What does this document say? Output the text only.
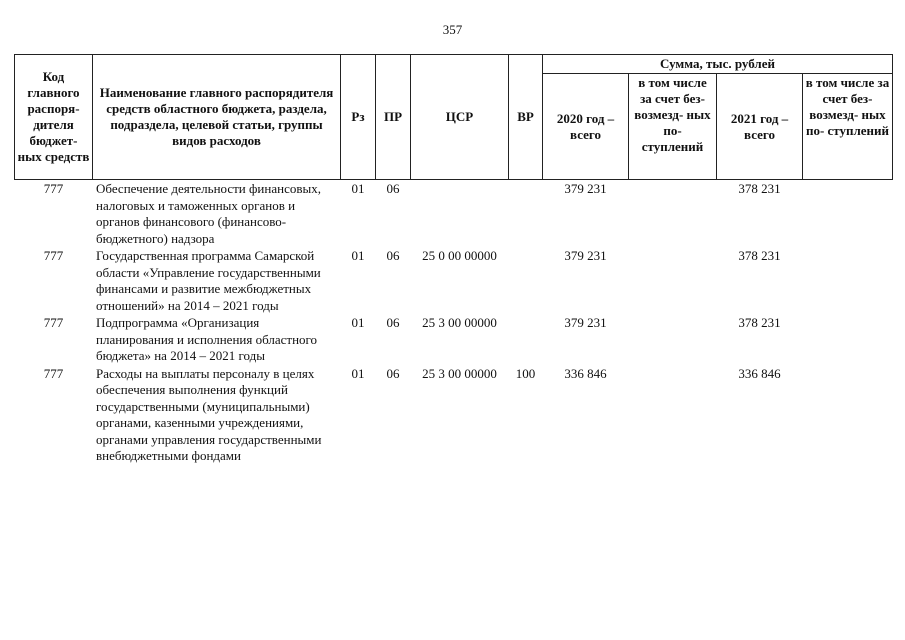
357
Код главного распоря- дителя бюджет- ных средств	Наименование главного распорядителя средств областного бюджета, раздела, подраздела, целевой статьи, группы видов расходов	Рз	ПР	ЦСР	ВР	Сумма, тыс. рублей			
						2020 год – всего	в том числе за счет без- возмезд- ных по- ступлений	2021 год – всего	в том числе за счет без- возмезд- ных по- ступлений
777	Обеспечение деятельности финансовых, налоговых и таможенных органов и органов финансового (финансово-бюджетного) надзора	01	06			379 231		378 231	
777	Государственная программа Самарской области «Управление государственными финансами и развитие межбюджетных отношений» на 2014 – 2021 годы	01	06	25 0 00 00000		379 231		378 231	
777	Подпрограмма «Организация планирования и исполнения областного бюджета» на 2014 – 2021 годы	01	06	25 3 00 00000		379 231		378 231	
777	Расходы на выплаты персоналу в целях обеспечения выполнения функций государственными (муниципальными) органами, казенными учреждениями, органами управления государственными внебюджетными фондами	01	06	25 3 00 00000	100	336 846		336 846	
